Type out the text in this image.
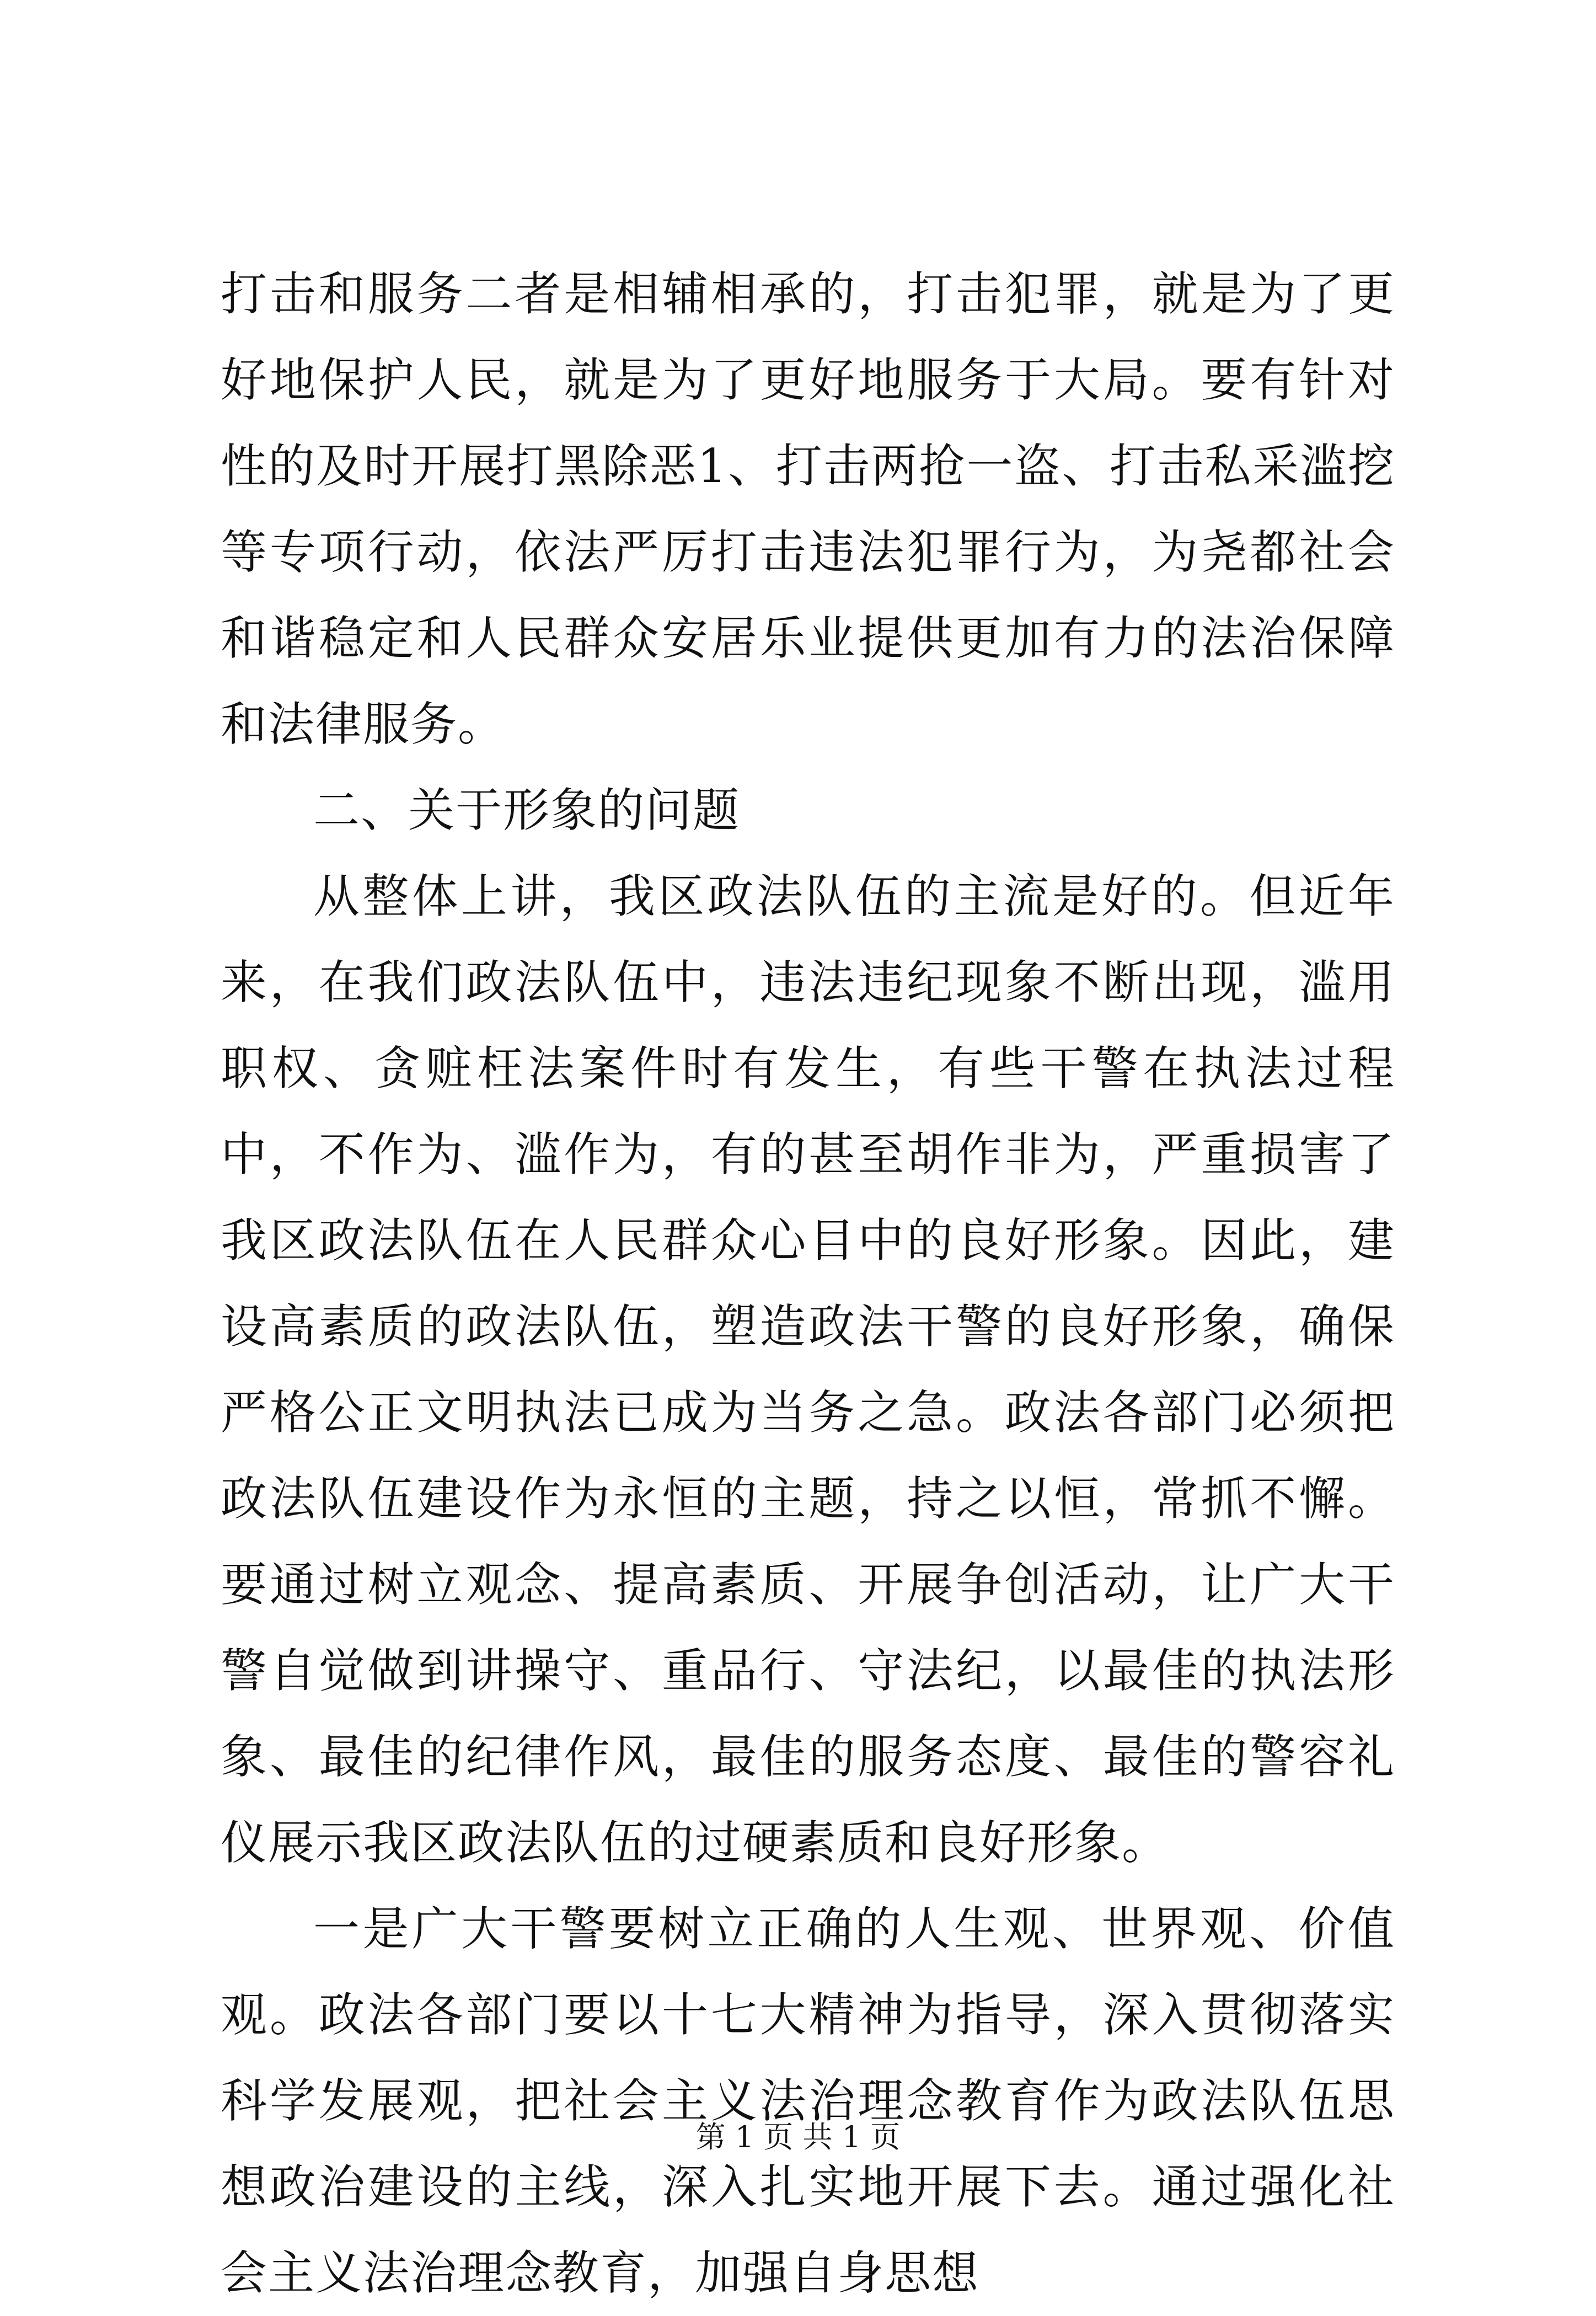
打击和服务二者是相辅相承的，打击犯罪，就是为了更好地保护人民，就是为了更好地服务于大局。要有针对性的及时开展打黑除恶1、打击两抢一盗、打击私采滥挖等专项行动，依法严厉打击违法犯罪行为，为尧都社会和谐稳定和人民群众安居乐业提供更加有力的法治保障和法律服务。

二、关于形象的问题

从整体上讲，我区政法队伍的主流是好的。但近年来，在我们政法队伍中，违法违纪现象不断出现，滥用职权、贪赃枉法案件时有发生，有些干警在执法过程中，不作为、滥作为，有的甚至胡作非为，严重损害了我区政法队伍在人民群众心目中的良好形象。因此，建设高素质的政法队伍，塑造政法干警的良好形象，确保严格公正文明执法已成为当务之急。政法各部门必须把政法队伍建设作为永恒的主题，持之以恒，常抓不懈。要通过树立观念、提高素质、开展争创活动，让广大干警自觉做到讲操守、重品行、守法纪，以最佳的执法形象、最佳的纪律作风，最佳的服务态度、最佳的警容礼仪展示我区政法队伍的过硬素质和良好形象。

一是广大干警要树立正确的人生观、世界观、价值观。政法各部门要以十七大精神为指导，深入贯彻落实科学发展观，把社会主义法治理念教育作为政法队伍思想政治建设的主线，深入扎实地开展下去。通过强化社会主义法治理念教育，加强自身思想

第 1 页 共 1 页
